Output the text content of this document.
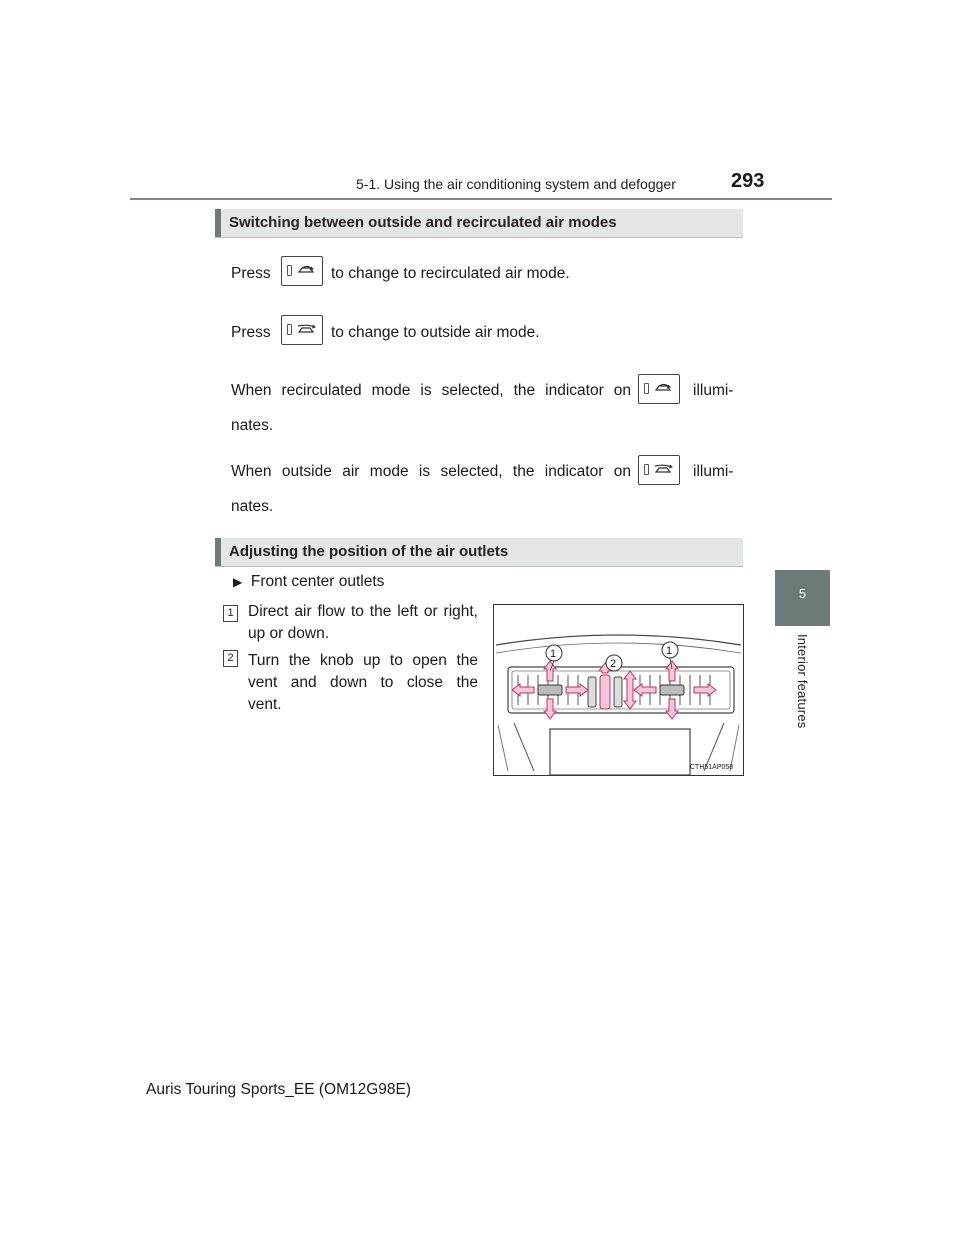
5-1. Using the air conditioning system and defogger	293
5
Interior features
Switching between outside and recirculated air modes
Press	to change to recirculated air mode.
Press	to change to outside air mode.
When recirculated mode is selected, the indicator on	illumi-
nates.
When outside air mode is selected, the indicator on	illumi-
nates.
Adjusting the position of the air outlets
▶ Front center outlets
1 Direct air flow to the left or right,
up or down.
2 Turn the knob up to open the
vent and down to close the
vent.
1
2
1
CTH51AP058
Auris Touring Sports_EE (OM12G98E)
